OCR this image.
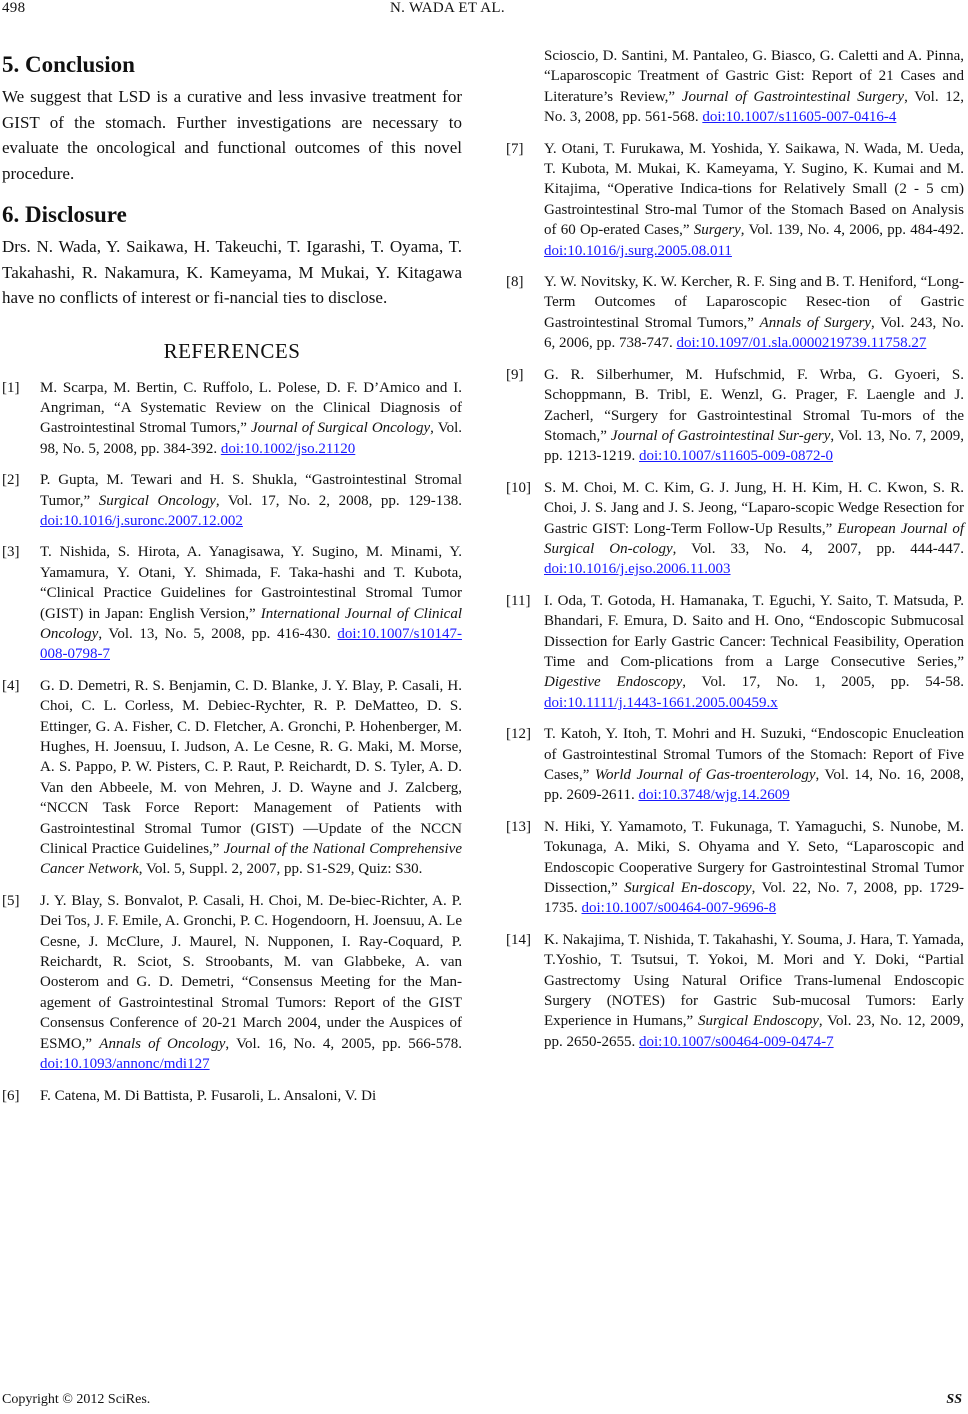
498	N. WADA ET AL.
5. Conclusion

We suggest that LSD is a curative and less invasive treatment for GIST of the stomach. Further investigations are necessary to evaluate the oncological and functional outcomes of this novel procedure.

6. Disclosure

Drs. N. Wada, Y. Saikawa, H. Takeuchi, T. Igarashi, T. Oyama, T. Takahashi, R. Nakamura, K. Kameyama, M Mukai, Y. Kitagawa have no conflicts of interest or fi-nancial ties to disclose.

REFERENCES
[1] M. Scarpa, M. Bertin, C. Ruffolo, L. Polese, D. F. D’Amico and I. Angriman, “A Systematic Review on the Clinical Diagnosis of Gastrointestinal Stromal Tumors,” Journal of Surgical Oncology, Vol. 98, No. 5, 2008, pp. 384-392. doi:10.1002/jso.21120
[2] P. Gupta, M. Tewari and H. S. Shukla, “Gastrointestinal Stromal Tumor,” Surgical Oncology, Vol. 17, No. 2, 2008, pp. 129-138. doi:10.1016/j.suronc.2007.12.002
[3] T. Nishida, S. Hirota, A. Yanagisawa, Y. Sugino, M. Minami, Y. Yamamura, Y. Otani, Y. Shimada, F. Taka-hashi and T. Kubota, “Clinical Practice Guidelines for Gastrointestinal Stromal Tumor (GIST) in Japan: English Version,” International Journal of Clinical Oncology, Vol. 13, No. 5, 2008, pp. 416-430. doi:10.1007/s10147-008-0798-7
[4] G. D. Demetri, R. S. Benjamin, C. D. Blanke, J. Y. Blay, P. Casali, H. Choi, C. L. Corless, M. Debiec-Rychter, R. P. DeMatteo, D. S. Ettinger, G. A. Fisher, C. D. Fletcher, A. Gronchi, P. Hohenberger, M. Hughes, H. Joensuu, I. Judson, A. Le Cesne, R. G. Maki, M. Morse, A. S. Pappo, P. W. Pisters, C. P. Raut, P. Reichardt, D. S. Tyler, A. D. Van den Abbeele, M. von Mehren, J. D. Wayne and J. Zalcberg, “NCCN Task Force Report: Management of Patients with Gastrointestinal Stromal Tumor (GIST) —Update of the NCCN Clinical Practice Guidelines,” Journal of the National Comprehensive Cancer Network, Vol. 5, Suppl. 2, 2007, pp. S1-S29, Quiz: S30.
[5] J. Y. Blay, S. Bonvalot, P. Casali, H. Choi, M. De-biec-Richter, A. P. Dei Tos, J. F. Emile, A. Gronchi, P. C. Hogendoorn, H. Joensuu, A. Le Cesne, J. McClure, J. Maurel, N. Nupponen, I. Ray-Coquard, P. Reichardt, R. Sciot, S. Stroobants, M. van Glabbeke, A. van Oosterom and G. D. Demetri, “Consensus Meeting for the Man-agement of Gastrointestinal Stromal Tumors: Report of the GIST Consensus Conference of 20-21 March 2004, under the Auspices of ESMO,” Annals of Oncology, Vol. 16, No. 4, 2005, pp. 566-578. doi:10.1093/annonc/mdi127
[6] F. Catena, M. Di Battista, P. Fusaroli, L. Ansaloni, V. Di
Scioscio, D. Santini, M. Pantaleo, G. Biasco, G. Caletti and A. Pinna, “Laparoscopic Treatment of Gastric Gist: Report of 21 Cases and Literature’s Review,” Journal of Gastrointestinal Surgery, Vol. 12, No. 3, 2008, pp. 561-568. doi:10.1007/s11605-007-0416-4
[7] Y. Otani, T. Furukawa, M. Yoshida, Y. Saikawa, N. Wada, M. Ueda, T. Kubota, M. Mukai, K. Kameyama, Y. Sugino, K. Kumai and M. Kitajima, “Operative Indica-tions for Relatively Small (2 - 5 cm) Gastrointestinal Stro-mal Tumor of the Stomach Based on Analysis of 60 Op-erated Cases,” Surgery, Vol. 139, No. 4, 2006, pp. 484-492. doi:10.1016/j.surg.2005.08.011
[8] Y. W. Novitsky, K. W. Kercher, R. F. Sing and B. T. Heniford, “Long-Term Outcomes of Laparoscopic Resec-tion of Gastric Gastrointestinal Stromal Tumors,” Annals of Surgery, Vol. 243, No. 6, 2006, pp. 738-747. doi:10.1097/01.sla.0000219739.11758.27
[9] G. R. Silberhumer, M. Hufschmid, F. Wrba, G. Gyoeri, S. Schoppmann, B. Tribl, E. Wenzl, G. Prager, F. Laengle and J. Zacherl, “Surgery for Gastrointestinal Stromal Tu-mors of the Stomach,” Journal of Gastrointestinal Sur-gery, Vol. 13, No. 7, 2009, pp. 1213-1219. doi:10.1007/s11605-009-0872-0
[10] S. M. Choi, M. C. Kim, G. J. Jung, H. H. Kim, H. C. Kwon, S. R. Choi, J. S. Jang and J. S. Jeong, “Laparo-scopic Wedge Resection for Gastric GIST: Long-Term Follow-Up Results,” European Journal of Surgical On-cology, Vol. 33, No. 4, 2007, pp. 444-447. doi:10.1016/j.ejso.2006.11.003
[11] I. Oda, T. Gotoda, H. Hamanaka, T. Eguchi, Y. Saito, T. Matsuda, P. Bhandari, F. Emura, D. Saito and H. Ono, “Endoscopic Submucosal Dissection for Early Gastric Cancer: Technical Feasibility, Operation Time and Com-plications from a Large Consecutive Series,” Digestive Endoscopy, Vol. 17, No. 1, 2005, pp. 54-58. doi:10.1111/j.1443-1661.2005.00459.x
[12] T. Katoh, Y. Itoh, T. Mohri and H. Suzuki, “Endoscopic Enucleation of Gastrointestinal Stromal Tumors of the Stomach: Report of Five Cases,” World Journal of Gas-troenterology, Vol. 14, No. 16, 2008, pp. 2609-2611. doi:10.3748/wjg.14.2609
[13] N. Hiki, Y. Yamamoto, T. Fukunaga, T. Yamaguchi, S. Nunobe, M. Tokunaga, A. Miki, S. Ohyama and Y. Seto, “Laparoscopic and Endoscopic Cooperative Surgery for Gastrointestinal Stromal Tumor Dissection,” Surgical En-doscopy, Vol. 22, No. 7, 2008, pp. 1729-1735. doi:10.1007/s00464-007-9696-8
[14] K. Nakajima, T. Nishida, T. Takahashi, Y. Souma, J. Hara, T. Yamada, T.Yoshio, T. Tsutsui, T. Yokoi, M. Mori and Y. Doki, “Partial Gastrectomy Using Natural Orifice Trans-lumenal Endoscopic Surgery (NOTES) for Gastric Sub-mucosal Tumors: Early Experience in Humans,” Surgical Endoscopy, Vol. 23, No. 12, 2009, pp. 2650-2655. doi:10.1007/s00464-009-0474-7
Copyright © 2012 SciRes.	SS
